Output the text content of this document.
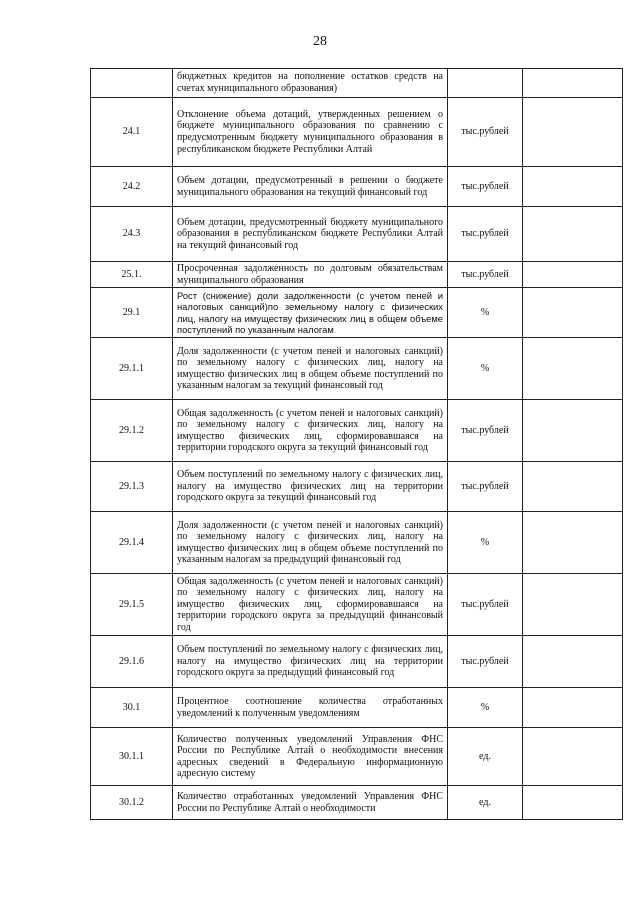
28
	бюджетных кредитов на пополнение остатков средств на счетах муниципального образования)		
24.1	Отклонение объема дотаций, утвержденных решением о бюджете муниципального образования по сравнению с предусмотренным бюджету муниципального образования в республиканском бюджете Республики Алтай	тыс.рублей	
24.2	Объем дотации, предусмотренный в решении о бюджете муниципального образования на текущий финансовый год	тыс.рублей	
24.3	Объем дотации, предусмотренный бюджету муниципального образования в республиканском бюджете Республики Алтай на текущий финансовый год	тыс.рублей	
25.1.	Просроченная задолженность по долговым обязательствам муниципального образования	тыс.рублей	
29.1	Рост (снижение) доли задолженности (с учетом пеней и налоговых санкций)по земельному налогу с физических лиц, налогу на имуществу физических лиц в общем объеме поступлений по указанным налогам	%	
29.1.1	Доля задолженности (с учетом пеней и налоговых санкций) по земельному налогу с физических лиц, налогу на имущество физических лиц в общем объеме поступлений по указанным налогам за текущий финансовый год	%	
29.1.2	Общая задолженность (с учетом пеней и налоговых санкций) по земельному налогу с физических лиц, налогу на имущество физических лиц, сформировавшаяся на территории городского округа за текущий финансовый год	тыс.рублей	
29.1.3	Объем поступлений по земельному налогу с физических лиц, налогу на имущество физических лиц на территории городского округа за текущий финансовый год	тыс.рублей	
29.1.4	Доля задолженности (с учетом пеней и налоговых санкций) по земельному налогу с физических лиц, налогу на имущество физических лиц в общем объеме поступлений по указанным налогам за предыдущий финансовый год	%	
29.1.5	Общая задолженность (с учетом пеней и налоговых санкций) по земельному налогу с физических лиц, налогу на имущество физических лиц, сформировавшаяся на территории городского округа за предыдущий финансовый год	тыс.рублей	
29.1.6	Объем поступлений по земельному налогу с физических лиц, налогу на имущество физических лиц на территории городского округа за предыдущий финансовый год	тыс.рублей	
30.1	Процентное соотношение количества отработанных уведомлений к полученным уведомлениям	%	
30.1.1	Количество полученных уведомлений Управления ФНС России по Республике Алтай о необходимости внесения адресных сведений в Федеральную информационную адресную систему	ед.	
30.1.2	Количество отработанных уведомлений Управления ФНС России по Республике Алтай о необходимости	ед.	
